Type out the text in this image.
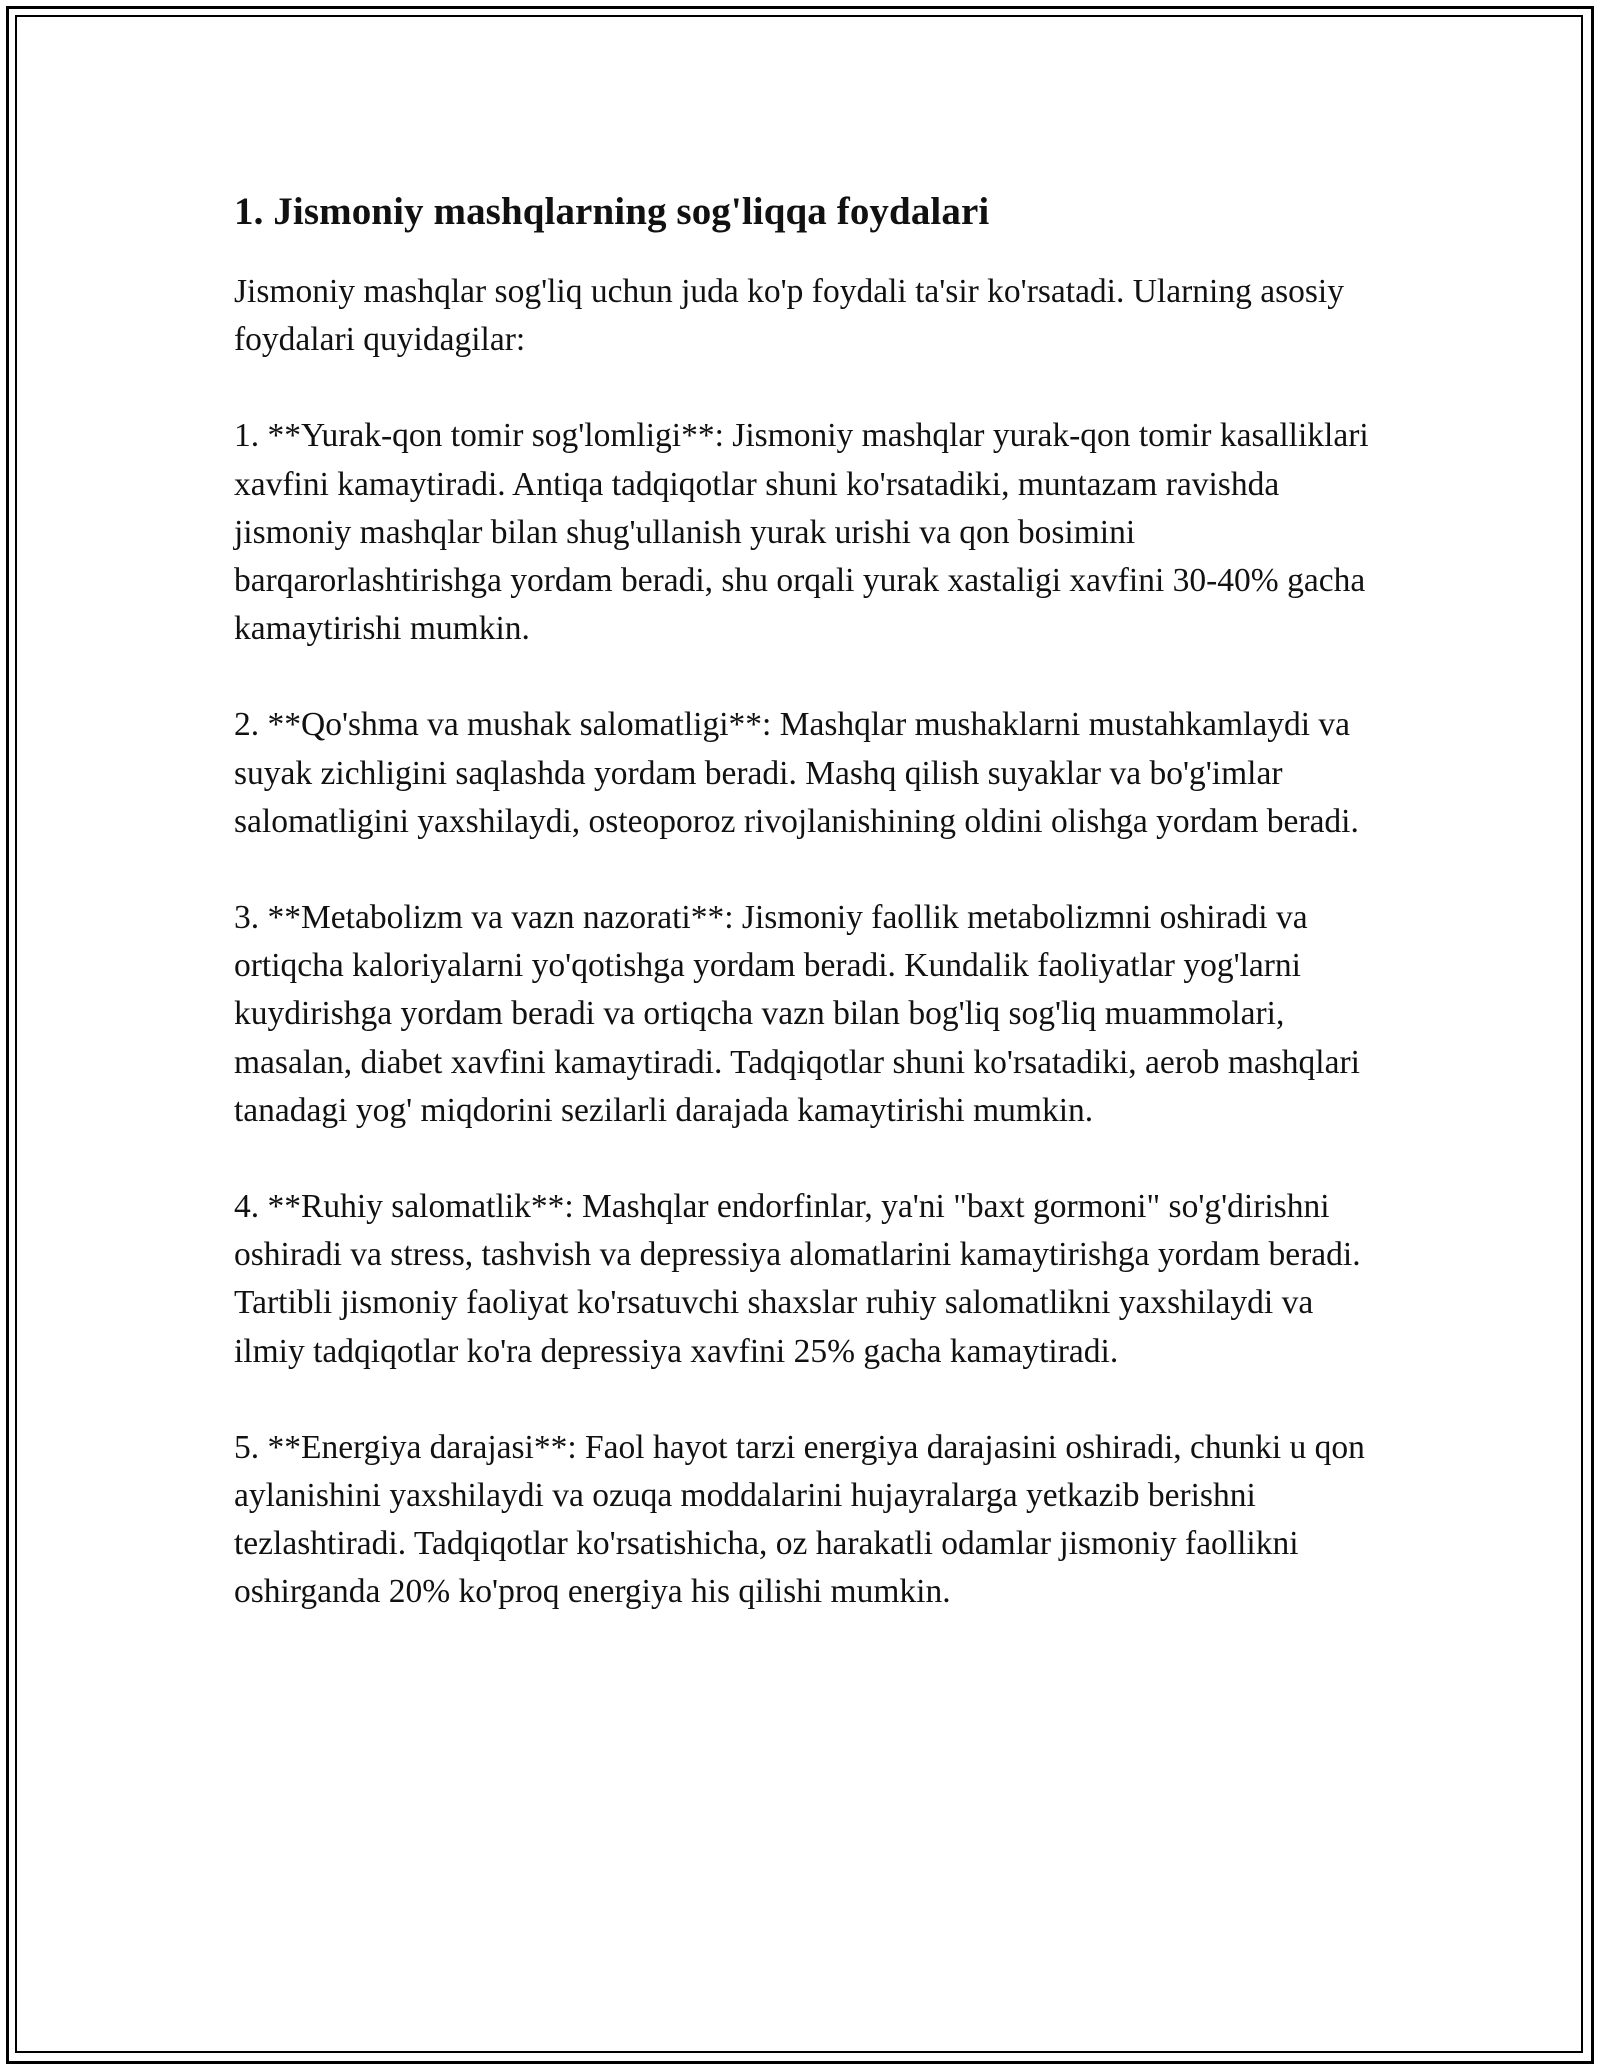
1. Jismoniy mashqlarning sog'liqqa foydalari

Jismoniy mashqlar sog'liq uchun juda ko'p foydali ta'sir ko'rsatadi. Ularning asosiy foydalari quyidagilar:

1. **Yurak-qon tomir sog'lomligi**: Jismoniy mashqlar yurak-qon tomir kasalliklari xavfini kamaytiradi. Antiqa tadqiqotlar shuni ko'rsatadiki, muntazam ravishda jismoniy mashqlar bilan shug'ullanish yurak urishi va qon bosimini barqarorlashtirishga yordam beradi, shu orqali yurak xastaligi xavfini 30-40% gacha kamaytirishi mumkin.

2. **Qo'shma va mushak salomatligi**: Mashqlar mushaklarni mustahkamlaydi va suyak zichligini saqlashda yordam beradi. Mashq qilish suyaklar va bo'g'imlar salomatligini yaxshilaydi, osteoporoz rivojlanishining oldini olishga yordam beradi.

3. **Metabolizm va vazn nazorati**: Jismoniy faollik metabolizmni oshiradi va ortiqcha kaloriyalarni yo'qotishga yordam beradi. Kundalik faoliyatlar yog'larni kuydirishga yordam beradi va ortiqcha vazn bilan bog'liq sog'liq muammolari, masalan, diabet xavfini kamaytiradi. Tadqiqotlar shuni ko'rsatadiki, aerob mashqlari tanadagi yog' miqdorini sezilarli darajada kamaytirishi mumkin.

4. **Ruhiy salomatlik**: Mashqlar endorfinlar, ya'ni "baxt gormoni" so'g'dirishni oshiradi va stress, tashvish va depressiya alomatlarini kamaytirishga yordam beradi. Tartibli jismoniy faoliyat ko'rsatuvchi shaxslar ruhiy salomatlikni yaxshilaydi va ilmiy tadqiqotlar ko'ra depressiya xavfini 25% gacha kamaytiradi.

5. **Energiya darajasi**: Faol hayot tarzi energiya darajasini oshiradi, chunki u qon aylanishini yaxshilaydi va ozuqa moddalarini hujayralarga yetkazib berishni tezlashtiradi. Tadqiqotlar ko'rsatishicha, oz harakatli odamlar jismoniy faollikni oshirganda 20% ko'proq energiya his qilishi mumkin.
